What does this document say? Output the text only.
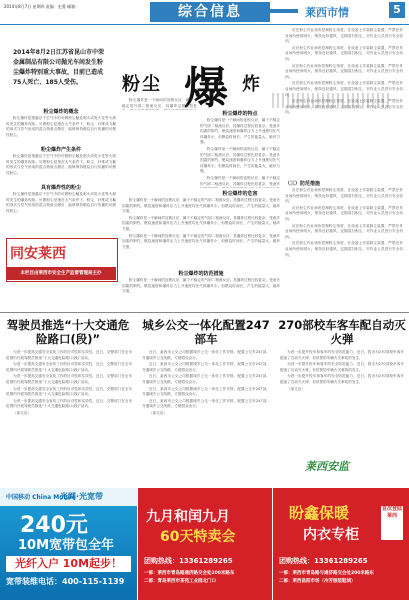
2014年8月7日 星期四 责编：史蔷 邮箱：	综合信息	莱西市情	5
2014年8月2日江苏省昆山市中荣金属制品有限公司抛光车间发生粉尘爆炸特别重大事故，目前已造成75人死亡、185人受伤。	粉尘 爆 炸
粉尘爆炸的概念

粉尘爆炸是指悬浮于空气中的可燃粉尘触及明火或电火花等火源时发生的爆炸现象。可燃粉尘是指在大气条件下，粉尘、纤维或飞絮的形式与空气形成的混合物被点燃后，能够保持燃烧自行传播的可燃性粉尘。

粉尘爆炸产生条件

粉尘爆炸是指悬浮于空气中的可燃粉尘触及明火或电火花等火源时发生的爆炸现象。可燃粉尘是指在大气条件下，粉尘、纤维或飞絮的形式与空气形成的混合物被点燃后，能够保持燃烧自行传播的可燃性粉尘。

具有爆炸性的粉尘

粉尘爆炸是指悬浮于空气中的可燃粉尘触及明火或电火花等火源时发生的爆炸现象。可燃粉尘是指在大气条件下，粉尘、纤维或飞絮的形式与空气形成的混合物被点燃后，能够保持燃烧自行传播的可燃性粉尘。

同安莱西
本栏目由莱西市安全生产监督管理局主办

粉尘爆炸是一个瞬间的连锁反应，属于不稳定的气固二相流反应，其爆炸过程比较复

粉尘爆炸的特点

粉尘爆炸是一个瞬间的连锁反应，属于不稳定的气固二相流反应，其爆炸过程比较复杂，受诸多因素的制约。燃烧速度和爆炸压力上升速度均比气体爆炸小，但燃烧时间长，产生的能量大，破坏力强。

粉尘爆炸是一个瞬间的连锁反应，属于不稳定的气固二相流反应，其爆炸过程比较复杂，受诸多因素的制约。燃烧速度和爆炸压力上升速度均比气体爆炸小，但燃烧时间长，产生的能量大，破坏力强。

粉尘爆炸是一个瞬间的连锁反应，属于不稳定的气固二相流反应，其爆炸过程比较复杂，受诸多

粉尘爆炸的危害

粉尘爆炸是一个瞬间的连锁反应，属于不稳定的气固二相流反应，其爆炸过程比较复杂，受诸多因素的制约。燃烧速度和爆炸压力上升速度均比气体爆炸小，但燃烧时间长，产生的能量大，破坏力强。

粉尘爆炸是一个瞬间的连锁反应，属于不稳定的气固二相流反应，其爆炸过程比较复杂，受诸多因素的制约。燃烧速度和爆炸压力上升速度均比气体爆炸小，但燃烧时间长，产生的能量大，破坏力强。

粉尘爆炸是一个瞬间的连锁反应，属于不稳定的气固二相流反应，其爆炸过程比较复杂，受诸多因素的制约。燃烧速度和爆炸压力上升速度均比气体爆炸小，但燃烧时间长，产生的能量大，破坏力强。

粉尘爆炸的防范措施

粉尘爆炸是一个瞬间的连锁反应，属于不稳定的气固二相流反应，其爆炸过程比较复杂，受诸多因素的制约。燃烧速度和爆炸压力上升速度均比气体爆炸小，但燃烧时间长，产生的能量大，破坏力强。

应在粉尘作业场所控制粉尘浓度，在设备上安装除尘装置，严禁在作业场所使用明火，保持良好通风，定期清扫积尘，对作业人员进行安全培训。

应在粉尘作业场所控制粉尘浓度，在设备上安装除尘装置，严禁在作业场所使用明火，保持良好通风，定期清扫积尘，对作业人员进行安全培训。

应在粉尘作业场所控制粉尘浓度，在设备上安装除尘装置，严禁在作业场所使用明火，保持良好通风，定期清扫积尘，对作业人员进行安全培训。

应在粉尘作业场所控制粉尘浓度，在设备上安装除尘装置，严禁在作业场所使用明火，保持良好通风，定期清扫积尘，对作业人员进行安全培训。

应在粉尘作业场所控制粉尘浓度，在设备上安装除尘装置，严禁在作业场所使用明火，保持良好通风，定期清扫积尘，对作业人员进行安全培训。

（三）防范措施

应在粉尘作业场所控制粉尘浓度，在设备上安装除尘装置，严禁在作业场所使用明火，保持良好通风，定期清扫积尘，对作业人员进行安全培训。

应在粉尘作业场所控制粉尘浓度，在设备上安装除尘装置，严禁在作业场所使用明火，保持良好通风，定期清扫积尘，对作业人员进行安全培训。

应在粉尘作业场所控制粉尘浓度，在设备上安装除尘装置，严禁在作业场所使用明火，保持良好通风，定期清扫积尘，对作业人员进行安全培训。

应在粉尘作业场所控制粉尘浓度，在设备上安装除尘装置，严禁在作业场所使用明火，保持良好通风，定期清扫积尘，对作业人员进行安全培训。

驾驶员推选“十大交通危险路口(段)”

为进一步提高交通安全宣传工作的针对性和实效性，近日，交警部门在全市范围内开展驾驶员推选“十大交通危险路口(段)”活动。

为进一步提高交通安全宣传工作的针对性和实效性，近日，交警部门在全市范围内开展驾驶员推选“十大交通危险路口(段)”活动。

为进一步提高交通安全宣传工作的针对性和实效性，近日，交警部门在全市范围内开展驾驶员推选“十大交通危险路口(段)”活动。

为进一步提高交通安全宣传工作的针对性和实效性，近日，交警部门在全市范围内开展驾驶员推选“十大交通危险路口(段)”活动。

为进一步提高交通安全宣传工作的针对性和实效性，近日，交警部门在全市范围内开展驾驶员推选“十大交通危险路口(段)”活动。

（莱交宣）

城乡公交一体化配置247部车

近日，莱西市公交公司根据城乡公交一体化工作安排，配置公交车247部，开通城乡公交线路，方便群众出行。

近日，莱西市公交公司根据城乡公交一体化工作安排，配置公交车247部，开通城乡公交线路，方便群众出行。

近日，莱西市公交公司根据城乡公交一体化工作安排，配置公交车247部，开通城乡公交线路，方便群众出行。

近日，莱西市公交公司根据城乡公交一体化工作安排，配置公交车247部，开通城乡公交线路，方便群众出行。

近日，莱西市公交公司根据城乡公交一体化工作安排，配置公交车247部，开通城乡公交线路，方便群众出行。

（莱交宣）

270部校车客车配自动灭火弹

为进一步提升校车和客车的安全防范能力，近日，我市为270部校车客车配备了自动灭火弹，有效预防车辆火灾事故的发生。

为进一步提升校车和客车的安全防范能力，近日，我市为270部校车客车配备了自动灭火弹，有效预防车辆火灾事故的发生。

为进一步提升校车和客车的安全防范能力，近日，我市为270部校车客车配备了自动灭火弹，有效预防车辆火灾事故的发生。

（莱交宣）

莱西安监
中国移动 China Mobile
光网·光宽带
240元
10M宽带包全年
光纤入户 10M起步！
宽带装维电话：400-115-1139
九月和闰九月
60天特卖会
团购热线：13361289265
一部：莱西市青岛路通济路交会处200米路东
二部：青岛莱西市茶苑工业园北门口
盼鑫保暖
内衣专柜
首次登陆莱西
团购热线：13361289265
一部：莱西市青岛路与通济路交会处200米路东
二部：莱西昌阳市场（冷芳服装鞋城）
